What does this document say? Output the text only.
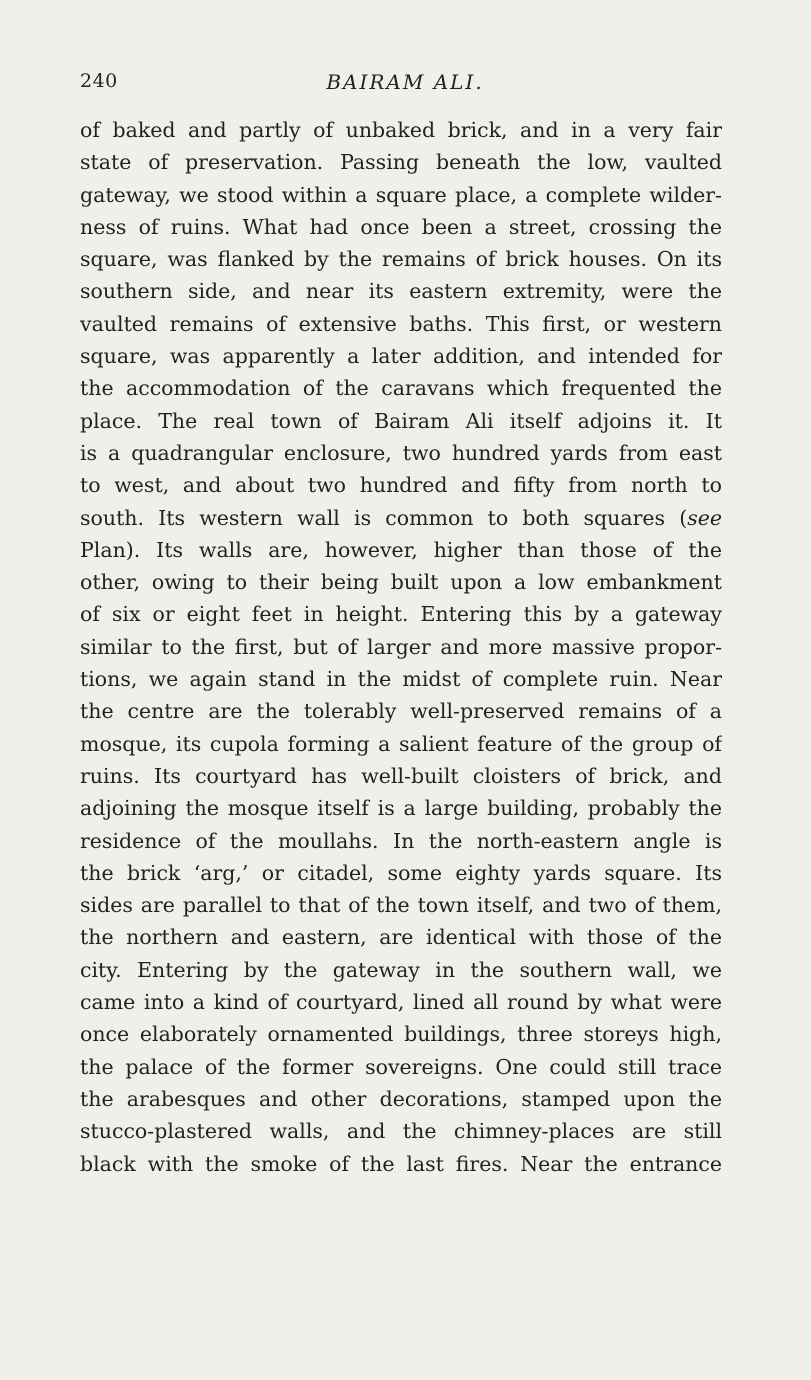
240	BAIRAM ALI.
of baked and partly of unbaked brick, and in a very fair
state of preservation. Passing beneath the low, vaulted
gateway, we stood within a square place, a complete wilder-
ness of ruins. What had once been a street, crossing the
square, was flanked by the remains of brick houses. On its
southern side, and near its eastern extremity, were the
vaulted remains of extensive baths. This first, or western
square, was apparently a later addition, and intended for
the accommodation of the caravans which frequented the
place. The real town of Bairam Ali itself adjoins it. It
is a quadrangular enclosure, two hundred yards from east
to west, and about two hundred and fifty from north to
south. Its western wall is common to both squares (see
Plan). Its walls are, however, higher than those of the
other, owing to their being built upon a low embankment
of six or eight feet in height. Entering this by a gateway
similar to the first, but of larger and more massive propor-
tions, we again stand in the midst of complete ruin. Near
the centre are the tolerably well-preserved remains of a
mosque, its cupola forming a salient feature of the group of
ruins. Its courtyard has well-built cloisters of brick, and
adjoining the mosque itself is a large building, probably the
residence of the moullahs. In the north-eastern angle is
the brick ‘arg,’ or citadel, some eighty yards square. Its
sides are parallel to that of the town itself, and two of them,
the northern and eastern, are identical with those of the
city. Entering by the gateway in the southern wall, we
came into a kind of courtyard, lined all round by what were
once elaborately ornamented buildings, three storeys high,
the palace of the former sovereigns. One could still trace
the arabesques and other decorations, stamped upon the
stucco-plastered walls, and the chimney-places are still
black with the smoke of the last fires. Near the entrance
